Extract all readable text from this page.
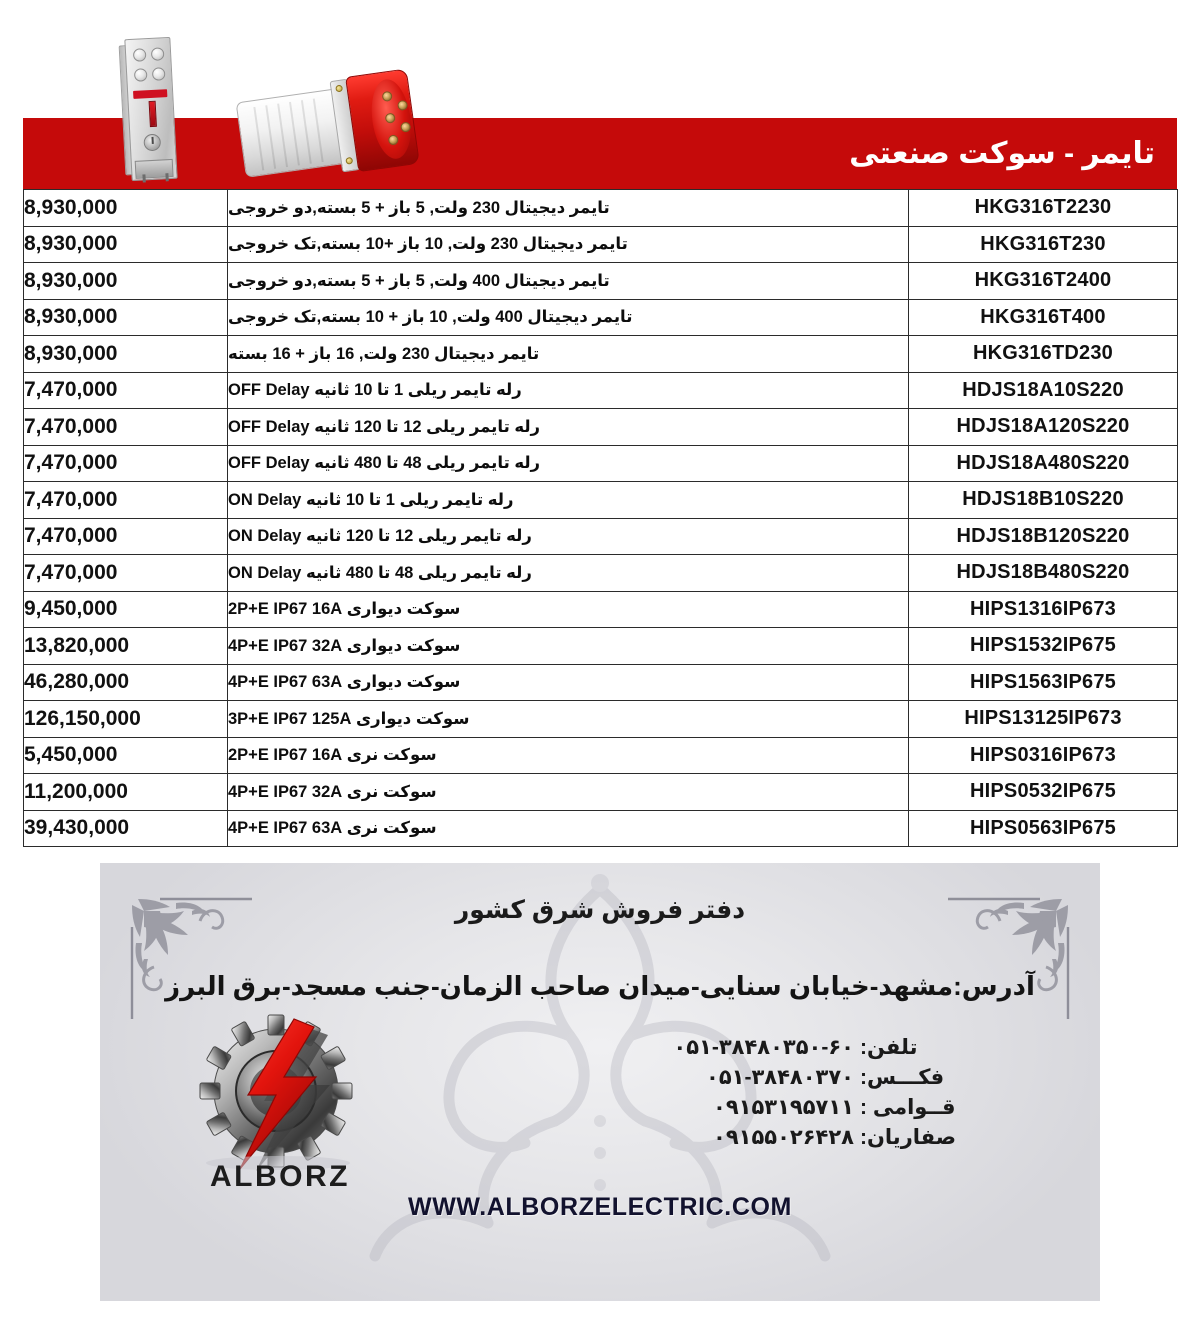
تایمر - سوکت صنعتی
HKG316T2230	تایمر دیجیتال 230 ولت, 5 باز + 5 بسته,دو خروجی	8,930,000
HKG316T230	تایمر دیجیتال 230 ولت, 10 باز +10 بسته,تک خروجی	8,930,000
HKG316T2400	تایمر دیجیتال 400 ولت, 5 باز + 5 بسته,دو خروجی	8,930,000
HKG316T400	تایمر دیجیتال 400 ولت, 10 باز + 10 بسته,تک خروجی	8,930,000
HKG316TD230	تایمر دیجیتال 230 ولت, 16 باز + 16 بسته	8,930,000
HDJS18A10S220	رله تایمر ریلی 1 تا 10 ثانیه OFF Delay	7,470,000
HDJS18A120S220	رله تایمر ریلی 12 تا 120 ثانیه OFF Delay	7,470,000
HDJS18A480S220	رله تایمر ریلی 48 تا 480 ثانیه OFF Delay	7,470,000
HDJS18B10S220	رله تایمر ریلی 1 تا 10 ثانیه ON Delay	7,470,000
HDJS18B120S220	رله تایمر ریلی 12 تا 120 ثانیه ON Delay	7,470,000
HDJS18B480S220	رله تایمر ریلی 48 تا 480 ثانیه ON Delay	7,470,000
HIPS1316IP673	سوکت دیواری 2P+E IP67 16A	9,450,000
HIPS1532IP675	سوکت دیواری 4P+E IP67 32A	13,820,000
HIPS1563IP675	سوکت دیواری 4P+E IP67 63A	46,280,000
HIPS13125IP673	سوکت دیواری 3P+E IP67 125A	126,150,000
HIPS0316IP673	سوکت نری 2P+E IP67 16A	5,450,000
HIPS0532IP675	سوکت نری 4P+E IP67 32A	11,200,000
HIPS0563IP675	سوکت نری 4P+E IP67 63A	39,430,000
دفتر فروش شرق کشور
آدرس:مشهد-خیابان سنایی-میدان صاحب الزمان-جنب مسجد-برق البرز
تلفن:
۰۵۱-۳۸۴۸۰۳۵۰-۶۰
فکـــس:
۰۵۱-۳۸۴۸۰۳۷۰
قــوامی :
۰۹۱۵۳۱۹۵۷۱۱
صفاریان:
۰۹۱۵۵۰۲۶۴۲۸
ALBORZ
WWW.ALBORZELECTRIC.COM
